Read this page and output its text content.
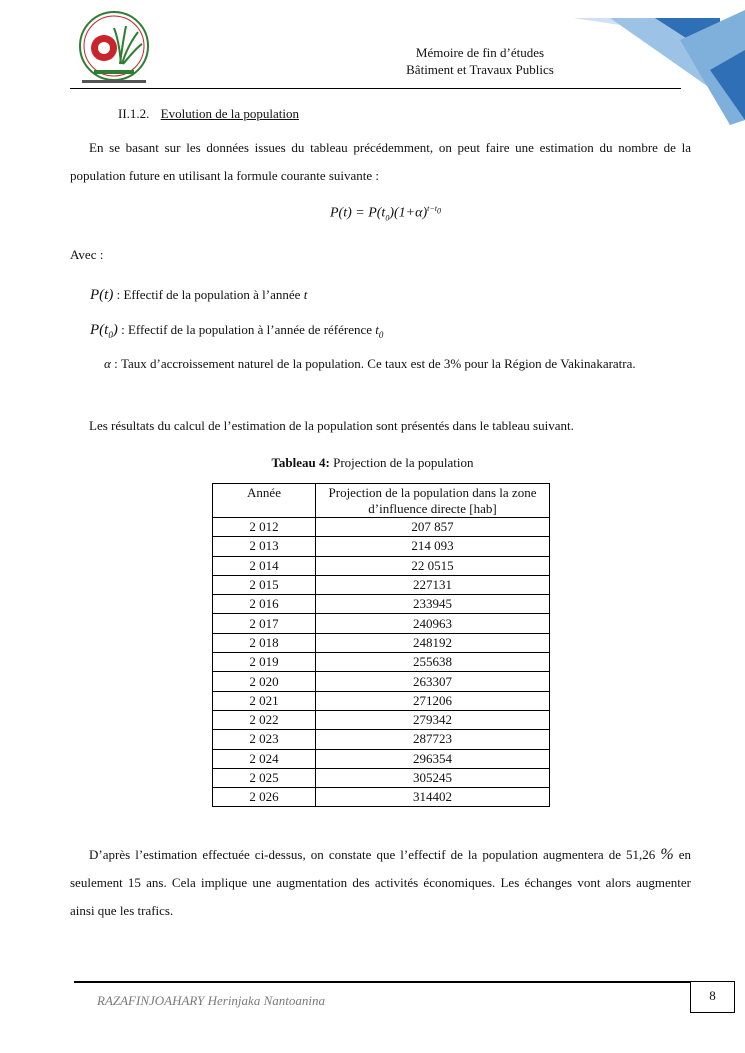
Mémoire de fin d’études
Bâtiment et Travaux Publics
II.1.2. Evolution de la population

En se basant sur les données issues du tableau précédemment, on peut faire une estimation du nombre de la population future en utilisant la formule courante suivante :

$P(t) = P(t_0)(1+\alpha)^{t-t_0}$
Avec :
P(t) : Effectif de la population à l’année t
$P(t_0)$ : Effectif de la population à l’année de référence $t_0$

α : Taux d’accroissement naturel de la population. Ce taux est de 3% pour la Région de Vakinakaratra.

Les résultats du calcul de l’estimation de la population sont présentés dans le tableau suivant.

Tableau 4: Projection de la population
Année	Projection de la population dans la zone d’influence directe [hab]
2 012	207 857
2 013	214 093
2 014	22 0515
2 015	227131
2 016	233945
2 017	240963
2 018	248192
2 019	255638
2 020	263307
2 021	271206
2 022	279342
2 023	287723
2 024	296354
2 025	305245
2 026	314402

D’après l’estimation effectuée ci-dessus, on constate que l’effectif de la population augmentera de 51,26 % en seulement 15 ans. Cela implique une augmentation des activités économiques. Les échanges vont alors augmenter ainsi que les trafics.

RAZAFINJOAHARY Herinjaka Nantoanina	8
